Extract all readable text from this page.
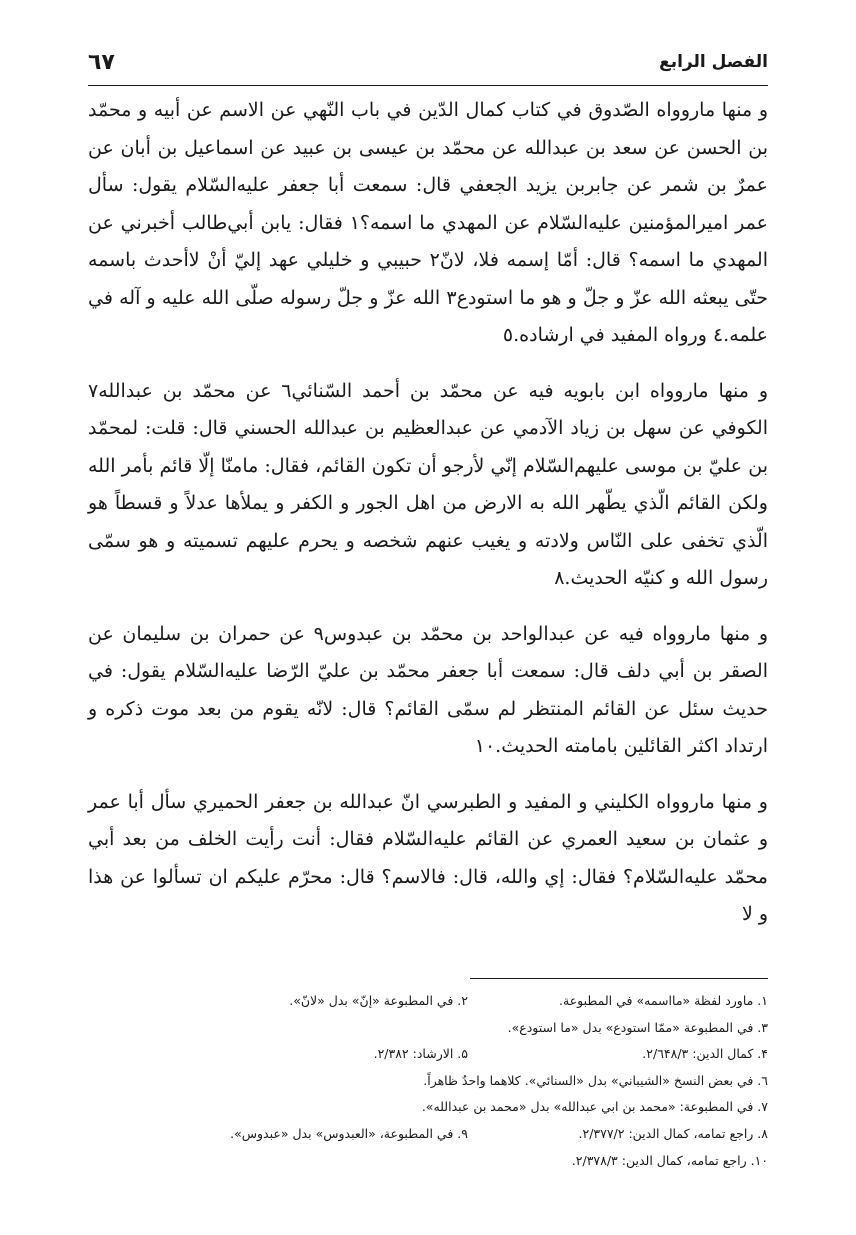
٦٧	الفصل الرابع

و منها ماروواه الصّدوق في كتاب كمال الدّين في باب النّهي عن الاسم عن أبيه و محمّد بن الحسن عن سعد بن عبدالله عن محمّد بن عيسى بن عبيد عن اسماعيل بن أبان عن عمرٌ بن شمر عن جابربن يزيد الجعفي قال: سمعت أبا جعفر عليه‌السّلام يقول: سأل عمر اميرالمؤمنين عليه‌السّلام عن المهدي ما اسمه؟١ فقال: يابن أبي‌طالب أخبرني عن المهدي ما اسمه؟ قال: أمّا إسمه فلا، لانّ٢ حبيبي و خليلي عهد إليّ أنْ لاأحدث باسمه حتّى يبعثه الله عزّ و جلّ و هو ما استودع٣ الله عزّ و جلّ رسوله صلّى الله عليه و آله في علمه.٤ ورواه المفيد في ارشاده.٥

و منها ماروواه ابن بابويه فيه عن محمّد بن أحمد السّنائي٦ عن محمّد بن عبدالله٧ الكوفي عن سهل بن زياد الآدمي عن عبدالعظيم بن عبدالله الحسني قال: قلت: لمحمّد بن عليّ بن موسى عليهم‌السّلام إنّي لأرجو أن تكون القائم، فقال: مامنّا إلّا قائم بأمر الله ولكن القائم الّذي يطّهر الله به الارض من اهل الجور و الكفر و يملأها عدلاً و قسطاً هو الّذي تخفى على النّاس ولادته و يغيب عنهم شخصه و يحرم عليهم تسميته و هو سمّى رسول الله و كنيّه الحديث.٨

و منها ماروواه فيه عن عبدالواحد بن محمّد بن عبدوس٩ عن حمران بن سليمان عن الصقر بن أبي دلف قال: سمعت أبا جعفر محمّد بن عليّ الرّضا عليه‌السّلام يقول: في حديث سئل عن القائم المنتظر لم سمّى القائم؟ قال: لانّه يقوم من بعد موت ذكره و ارتداد اكثر القائلين بامامته الحديث.١٠

و منها ماروواه الكليني و المفيد و الطبرسي انّ عبدالله بن جعفر الحميري سأل أبا عمر و عثمان بن سعيد العمري عن القائم عليه‌السّلام فقال: أنت رأيت الخلف من بعد أبي محمّد عليه‌السّلام؟ فقال: إي والله، قال: فالاسم؟ قال: محرّم عليكم ان تسألوا عن هذا و لا

١. ماورد لفظة «مااسمه» في المطبوعة.
٢. في المطبوعة «إنّ» بدل «لانّ».
٣. في المطبوعة «ممّا استودع» بدل «ما استودع».
۴. كمال الدين: ٢/٦۴٨/٣.
۵. الارشاد: ٢/٣٨٢.
٦. في بعض النسخ «الشيباني» بدل «السنائي». كلاهما واحدٌ ظاهراً.
٧. في المطبوعة: «محمد بن ابي عبدالله» بدل «محمد بن عبدالله».
٨. راجع تمامه، كمال الدين: ٢/٣٧٧/٢.
٩. في المطبوعة، «العبدوس» بدل «عبدوس».
١٠. راجع تمامه، كمال الدين: ٢/٣٧٨/٣.
